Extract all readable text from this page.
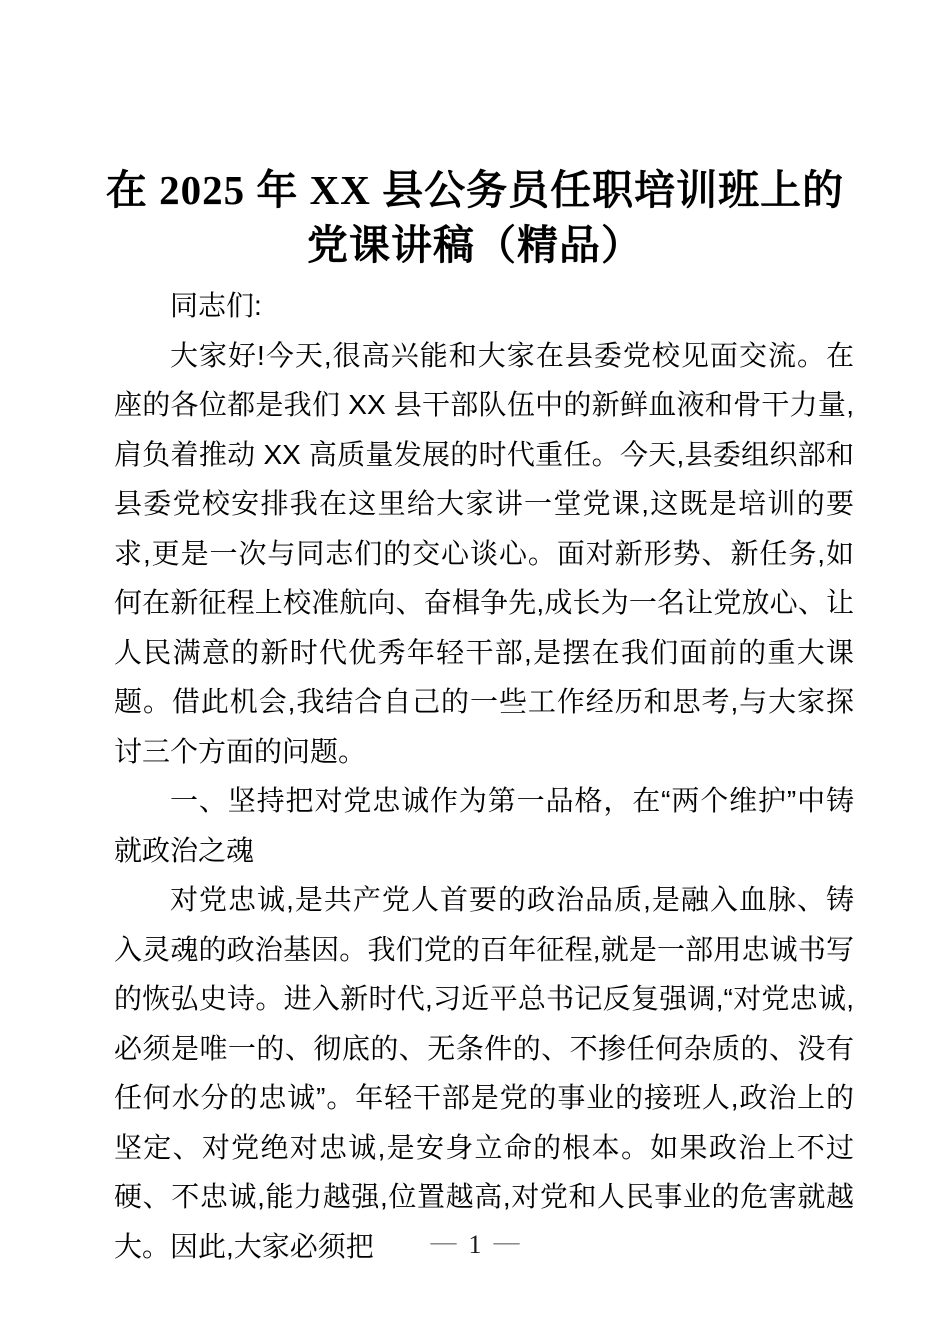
在 2025 年 XX 县公务员任职培训班上的
党课讲稿（精品）

同志们:

大家好!今天,很高兴能和大家在县委党校见面交流。在座的各位都是我们 XX 县干部队伍中的新鲜血液和骨干力量,肩负着推动 XX 高质量发展的时代重任。今天,县委组织部和县委党校安排我在这里给大家讲一堂党课,这既是培训的要求,更是一次与同志们的交心谈心。面对新形势、新任务,如何在新征程上校准航向、奋楫争先,成长为一名让党放心、让人民满意的新时代优秀年轻干部,是摆在我们面前的重大课题。借此机会,我结合自己的一些工作经历和思考,与大家探讨三个方面的问题。

一、坚持把对党忠诚作为第一品格，在“两个维护”中铸就政治之魂

对党忠诚,是共产党人首要的政治品质,是融入血脉、铸入灵魂的政治基因。我们党的百年征程,就是一部用忠诚书写的恢弘史诗。进入新时代,习近平总书记反复强调,“对党忠诚,必须是唯一的、彻底的、无条件的、不掺任何杂质的、没有任何水分的忠诚”。年轻干部是党的事业的接班人,政治上的坚定、对党绝对忠诚,是安身立命的根本。如果政治上不过硬、不忠诚,能力越强,位置越高,对党和人民事业的危害就越大。因此,大家必须把	— 1 —
